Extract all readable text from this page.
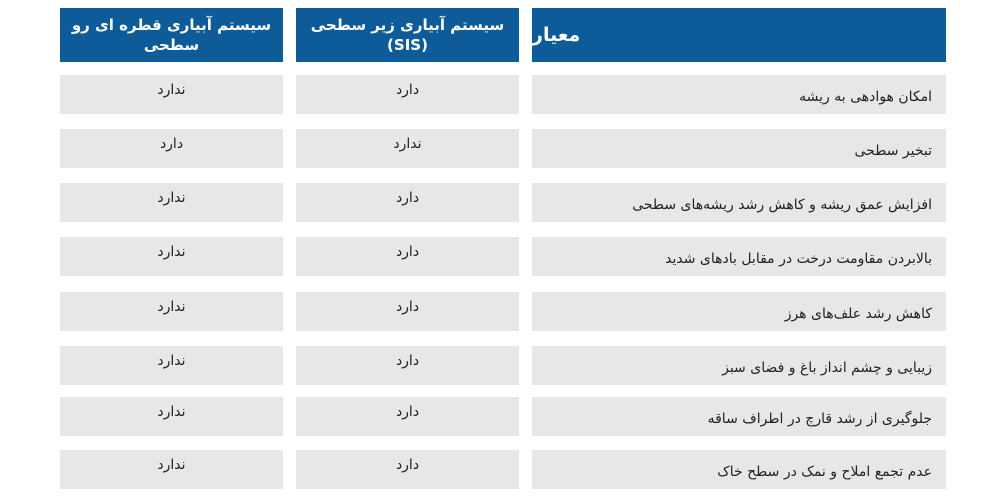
معیار
سیستم آبیاری زیر سطحی (SIS)
سیستم آبیاری قطره ای رو سطحی
امکان هوادهی به ریشه
دارد
ندارد
تبخیر سطحی
ندارد
دارد
افزایش عمق ریشه و کاهش رشد ریشه‌های سطحی
دارد
ندارد
بالابردن مقاومت درخت در مقابل بادهای شدید
دارد
ندارد
کاهش رشد علف‌های هرز
دارد
ندارد
زیبایی و چشم انداز باغ و فضای سبز
دارد
ندارد
جلوگیری از رشد قارچ در اطراف ساقه
دارد
ندارد
عدم تجمع املاح و نمک در سطح خاک
دارد
ندارد
